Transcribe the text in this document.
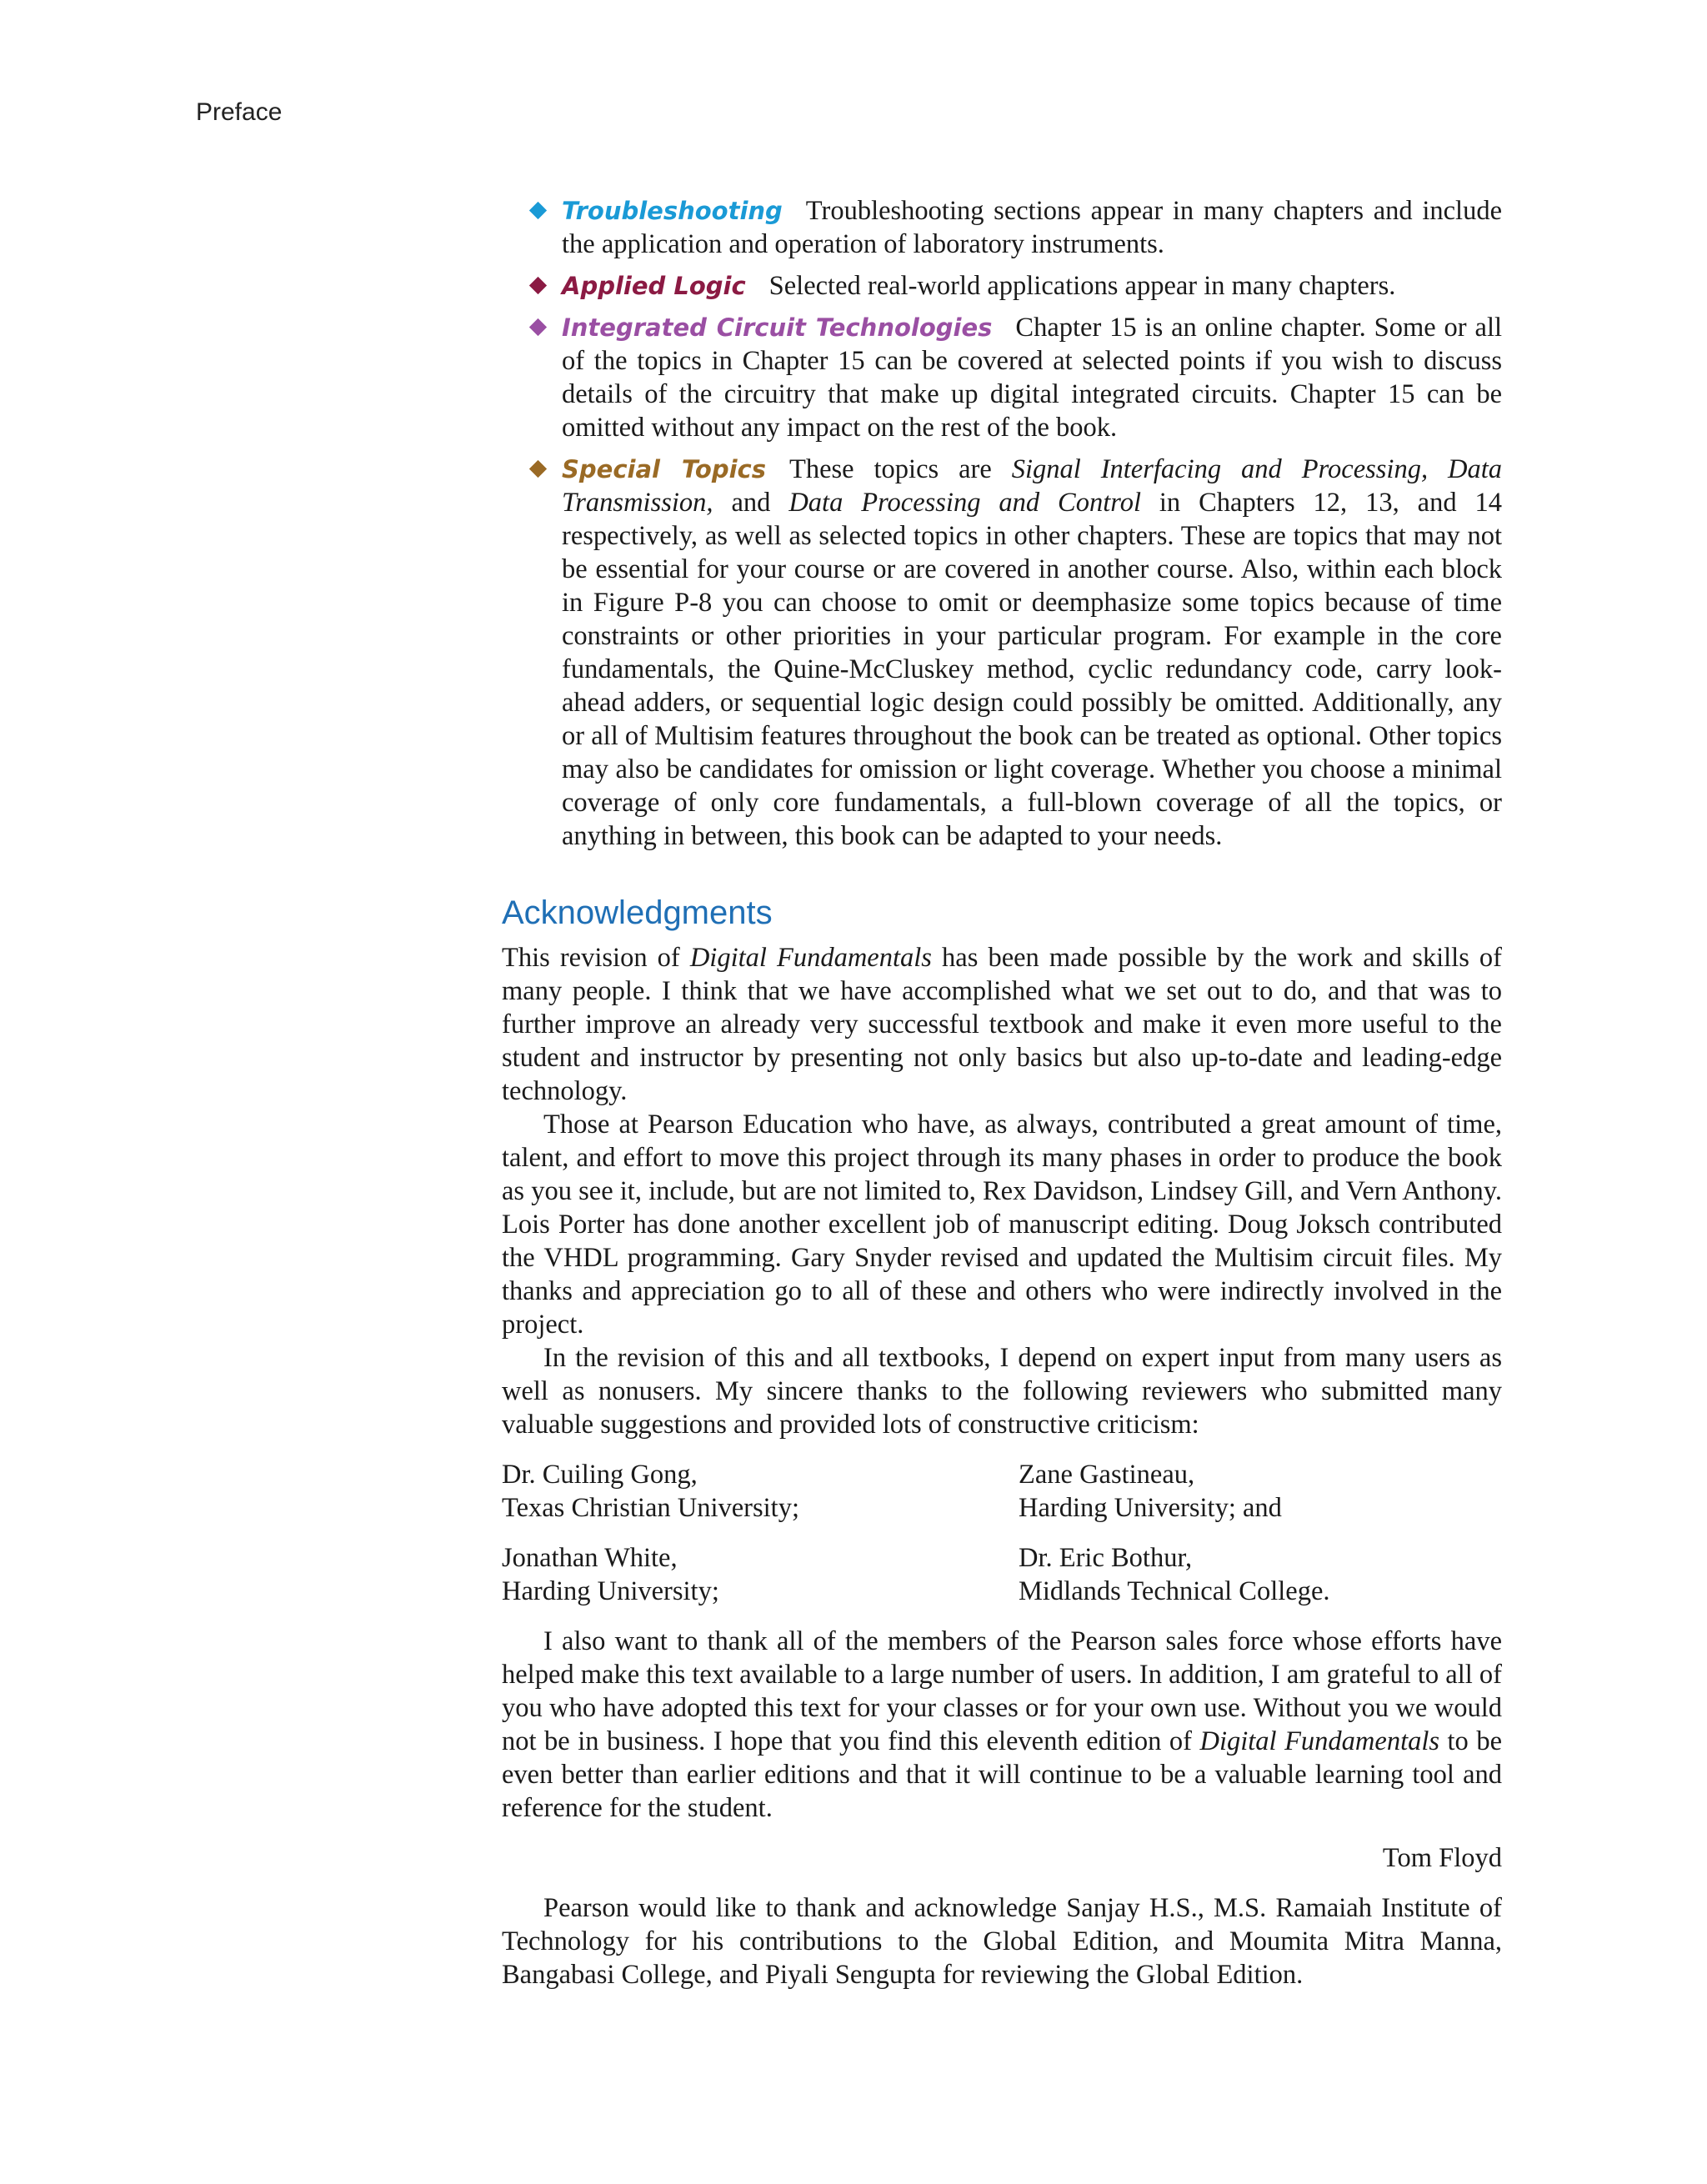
Preface

Troubleshooting Troubleshooting sections appear in many chapters and include the application and operation of laboratory instruments.

Applied Logic Selected real-world applications appear in many chapters.

Integrated Circuit Technologies Chapter 15 is an online chapter. Some or all of the topics in Chapter 15 can be covered at selected points if you wish to discuss details of the circuitry that make up digital integrated circuits. Chapter 15 can be omitted without any impact on the rest of the book.

Special Topics These topics are Signal Interfacing and Processing, Data Transmission, and Data Processing and Control in Chapters 12, 13, and 14 respectively, as well as selected topics in other chapters. These are topics that may not be essential for your course or are covered in another course. Also, within each block in Figure P-8 you can choose to omit or deemphasize some topics because of time constraints or other priorities in your particular program. For example in the core fundamentals, the Quine-McCluskey method, cyclic redundancy code, carry look-ahead adders, or sequential logic design could possibly be omitted. Additionally, any or all of Multisim features throughout the book can be treated as optional. Other topics may also be candidates for omission or light coverage. Whether you choose a minimal coverage of only core fundamentals, a full-blown coverage of all the topics, or anything in between, this book can be adapted to your needs.

Acknowledgments

This revision of Digital Fundamentals has been made possible by the work and skills of many people. I think that we have accomplished what we set out to do, and that was to further improve an already very successful textbook and make it even more useful to the student and instructor by presenting not only basics but also up-to-date and leading-edge technology.

Those at Pearson Education who have, as always, contributed a great amount of time, talent, and effort to move this project through its many phases in order to produce the book as you see it, include, but are not limited to, Rex Davidson, Lindsey Gill, and Vern Anthony. Lois Porter has done another excellent job of manuscript editing. Doug Joksch contributed the VHDL programming. Gary Snyder revised and updated the Multisim circuit files. My thanks and appreciation go to all of these and others who were indirectly involved in the project.

In the revision of this and all textbooks, I depend on expert input from many users as well as nonusers. My sincere thanks to the following reviewers who submitted many valuable suggestions and provided lots of constructive criticism:

Dr. Cuiling Gong,
Texas Christian University;

Zane Gastineau,
Harding University; and

Jonathan White,
Harding University;

Dr. Eric Bothur,
Midlands Technical College.

I also want to thank all of the members of the Pearson sales force whose efforts have helped make this text available to a large number of users. In addition, I am grateful to all of you who have adopted this text for your classes or for your own use. Without you we would not be in business. I hope that you find this eleventh edition of Digital Fundamentals to be even better than earlier editions and that it will continue to be a valuable learning tool and reference for the student.

Tom Floyd

Pearson would like to thank and acknowledge Sanjay H.S., M.S. Ramaiah Institute of Technology for his contributions to the Global Edition, and Moumita Mitra Manna, Bangabasi College, and Piyali Sengupta for reviewing the Global Edition.
